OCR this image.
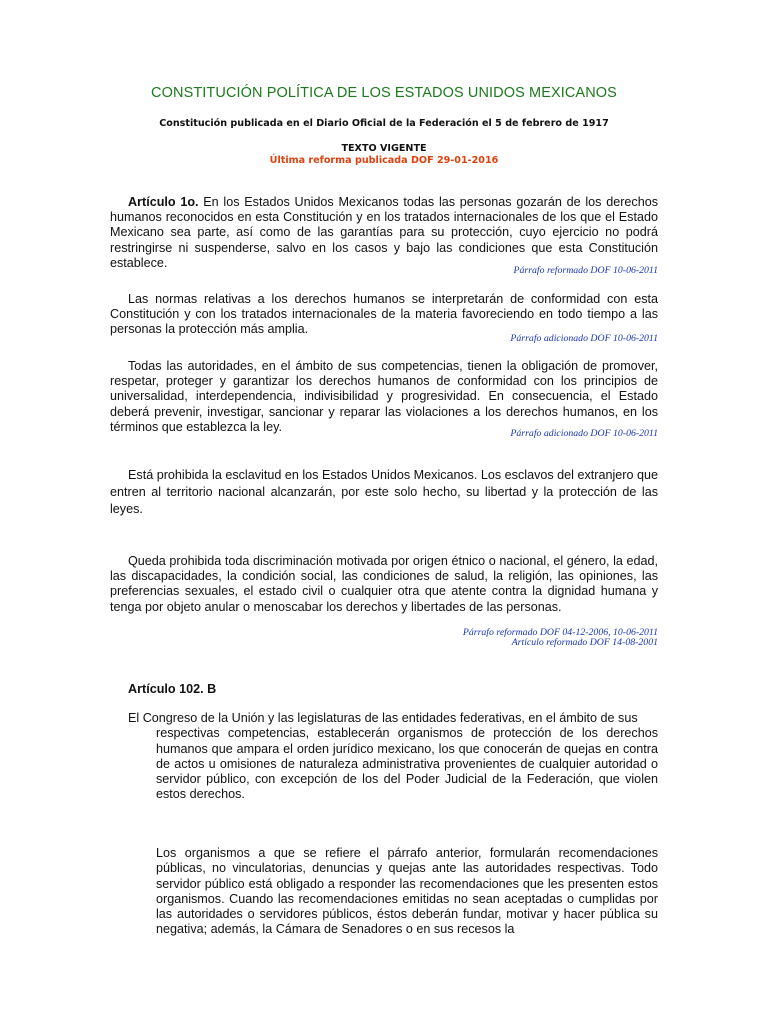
CONSTITUCIÓN POLÍTICA DE LOS ESTADOS UNIDOS MEXICANOS
Constitución publicada en el Diario Oficial de la Federación el 5 de febrero de 1917
TEXTO VIGENTE
Última reforma publicada DOF 29-01-2016
Artículo 1o. En los Estados Unidos Mexicanos todas las personas gozarán de los derechos humanos reconocidos en esta Constitución y en los tratados internacionales de los que el Estado Mexicano sea parte, así como de las garantías para su protección, cuyo ejercicio no podrá restringirse ni suspenderse, salvo en los casos y bajo las condiciones que esta Constitución establece.
Párrafo reformado DOF 10-06-2011
Las normas relativas a los derechos humanos se interpretarán de conformidad con esta Constitución y con los tratados internacionales de la materia favoreciendo en todo tiempo a las personas la protección más amplia.
Párrafo adicionado DOF 10-06-2011
Todas las autoridades, en el ámbito de sus competencias, tienen la obligación de promover, respetar, proteger y garantizar los derechos humanos de conformidad con los principios de universalidad, interdependencia, indivisibilidad y progresividad. En consecuencia, el Estado deberá prevenir, investigar, sancionar y reparar las violaciones a los derechos humanos, en los términos que establezca la ley.	Párrafo adicionado DOF 10-06-2011
Está prohibida la esclavitud en los Estados Unidos Mexicanos. Los esclavos del extranjero que entren al territorio nacional alcanzarán, por este solo hecho, su libertad y la protección de las leyes.
Queda prohibida toda discriminación motivada por origen étnico o nacional, el género, la edad, las discapacidades, la condición social, las condiciones de salud, la religión, las opiniones, las preferencias sexuales, el estado civil o cualquier otra que atente contra la dignidad humana y tenga por objeto anular o menoscabar los derechos y libertades de las personas.
Párrafo reformado DOF 04-12-2006, 10-06-2011
Artículo reformado DOF 14-08-2001
Artículo 102. B
El Congreso de la Unión y las legislaturas de las entidades federativas, en el ámbito de sus
respectivas competencias, establecerán organismos de protección de los derechos humanos que ampara el orden jurídico mexicano, los que conocerán de quejas en contra de actos u omisiones de naturaleza administrativa provenientes de cualquier autoridad o servidor público, con excepción de los del Poder Judicial de la Federación, que violen estos derechos.
Los organismos a que se refiere el párrafo anterior, formularán recomendaciones públicas, no vinculatorias, denuncias y quejas ante las autoridades respectivas. Todo servidor público está obligado a responder las recomendaciones que les presenten estos organismos. Cuando las recomendaciones emitidas no sean aceptadas o cumplidas por las autoridades o servidores públicos, éstos deberán fundar, motivar y hacer pública su negativa; además, la Cámara de Senadores o en sus recesos la
